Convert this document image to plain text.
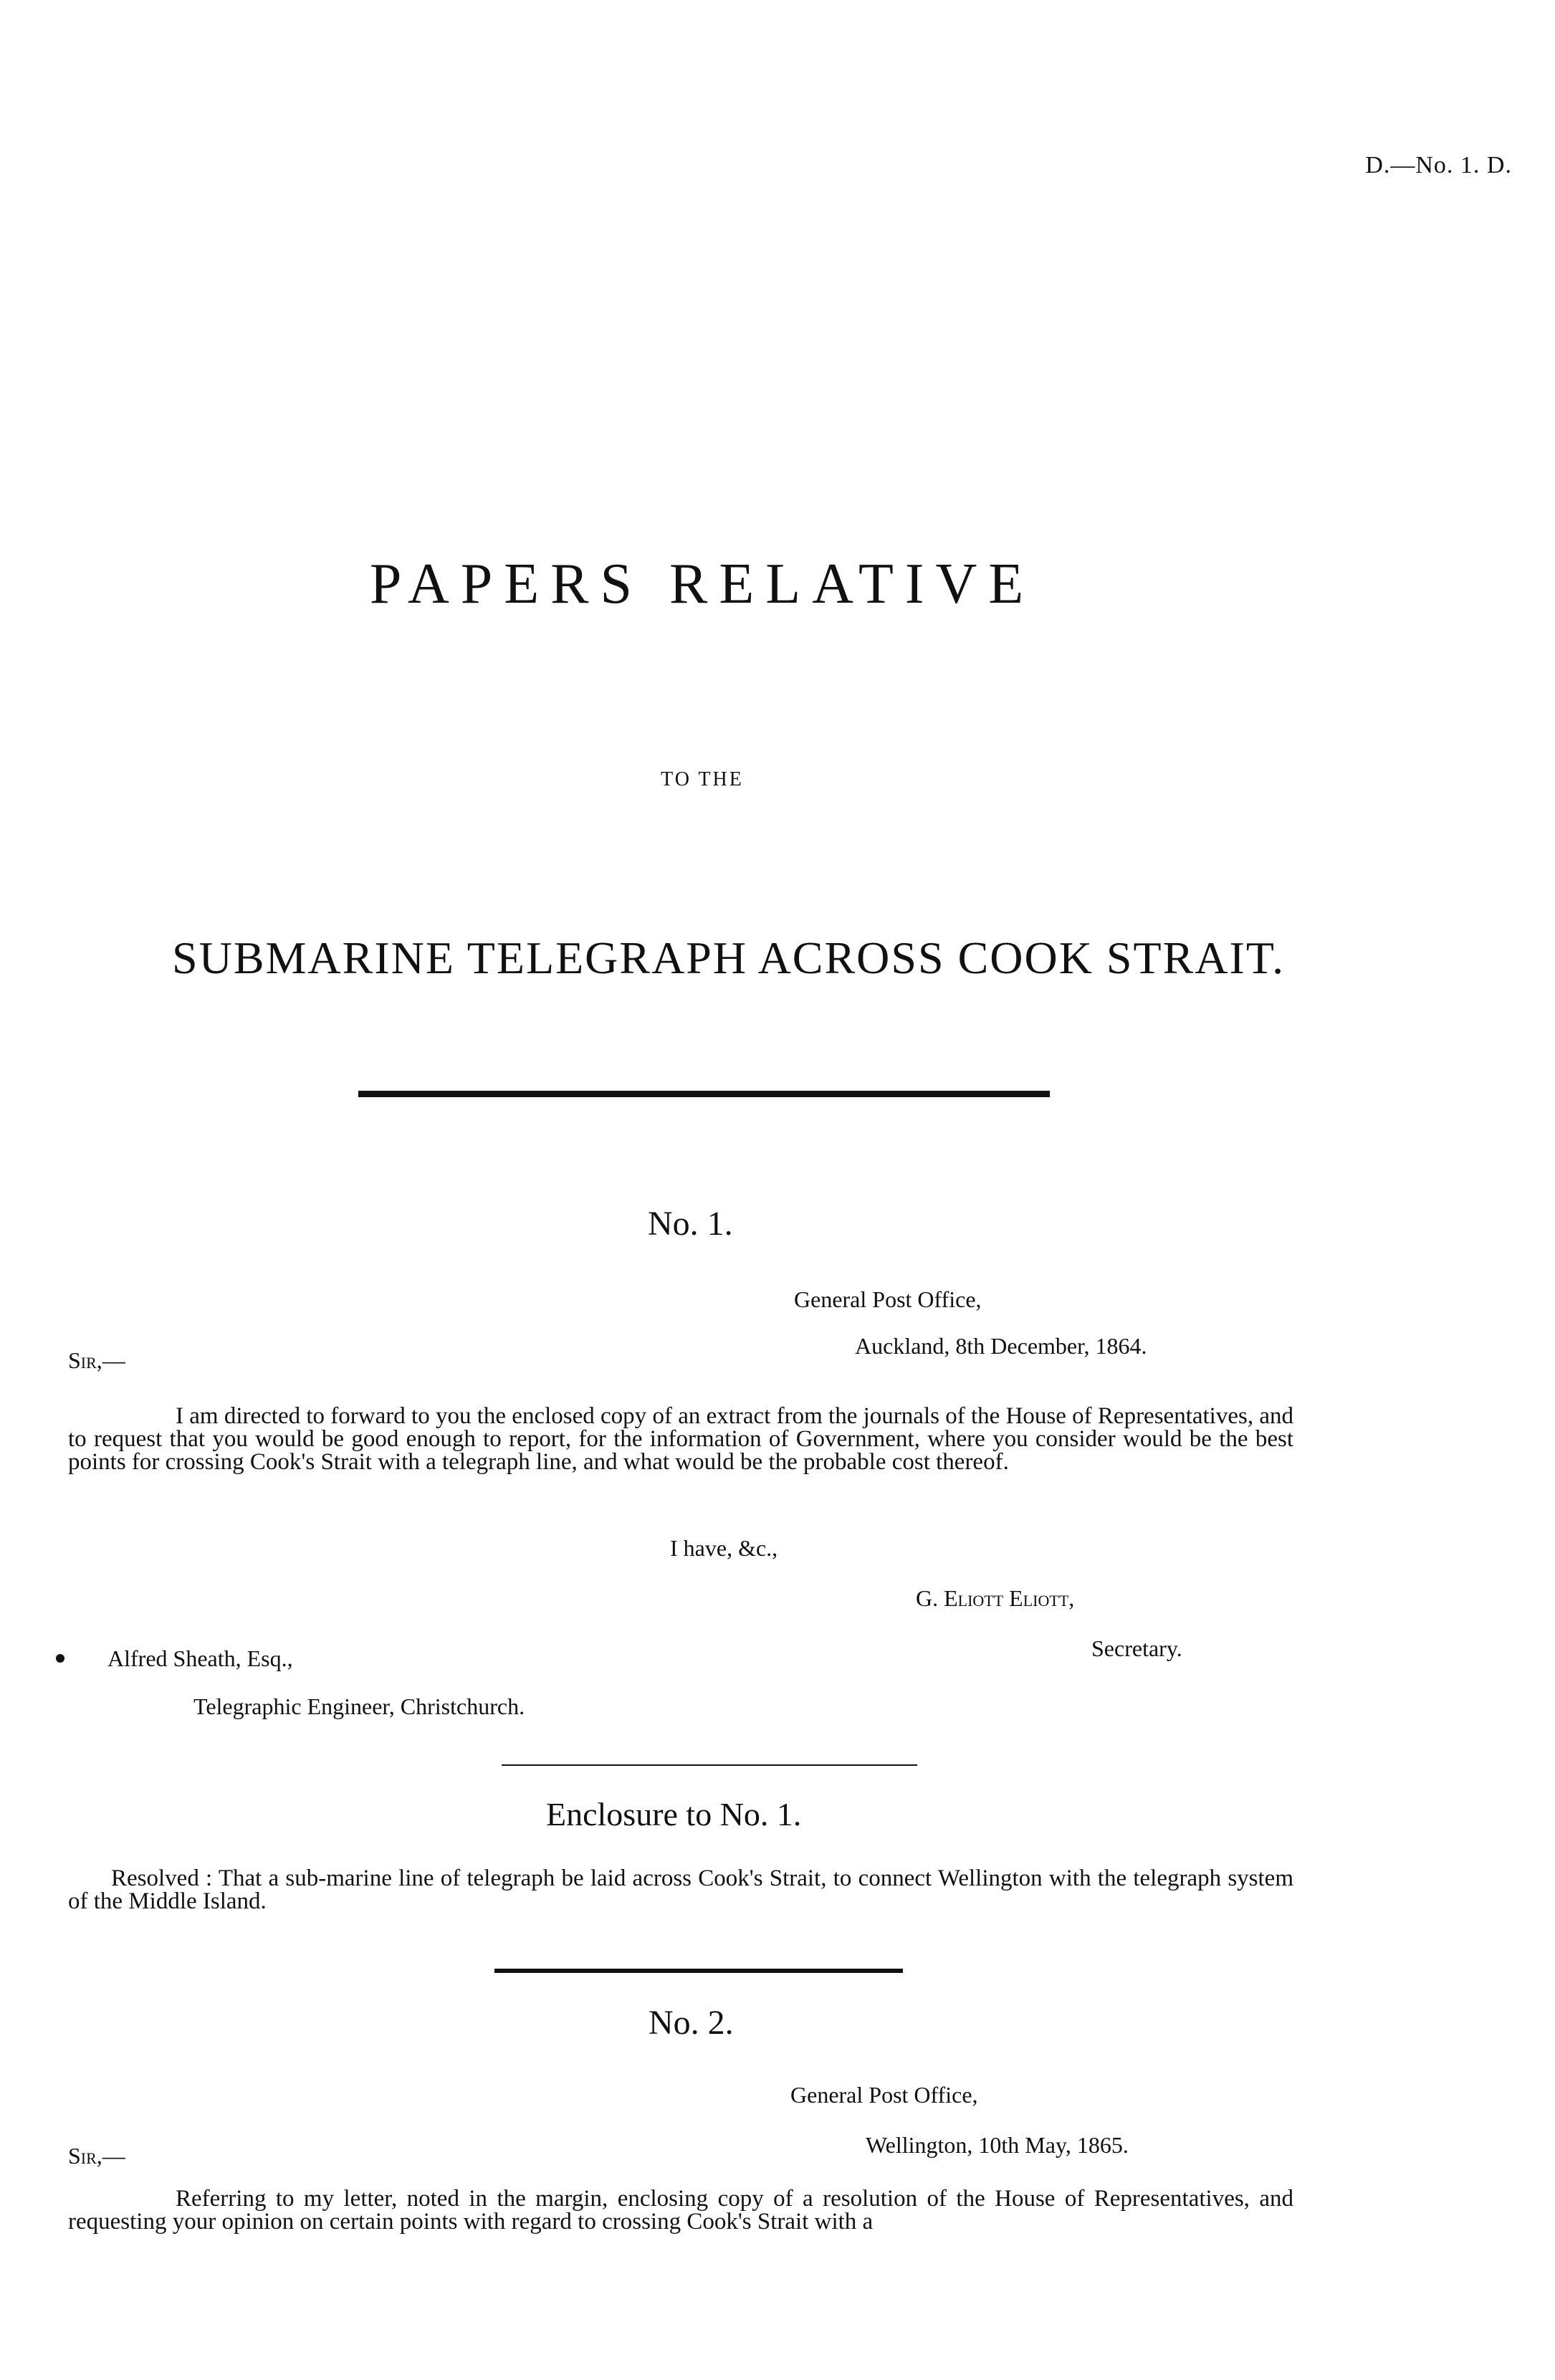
D.—No. 1. D.
PAPERS RELATIVE
TO THE
SUBMARINE TELEGRAPH ACROSS COOK STRAIT.
No. 1.
General Post Office,
Sir,—
Auckland, 8th December, 1864.
I am directed to forward to you the enclosed copy of an extract from the journals of the House of Representatives, and to request that you would be good enough to report, for the information of Government, where you consider would be the best points for crossing Cook's Strait with a telegraph line, and what would be the probable cost thereof.
I have, &c.,
G. Eliott Eliott,
Secretary.
Alfred Sheath, Esq.,
Telegraphic Engineer, Christchurch.
Enclosure to No. 1.
Resolved : That a sub-marine line of telegraph be laid across Cook's Strait, to connect Wellington with the telegraph system of the Middle Island.
No. 2.
General Post Office,
Sir,—	Wellington, 10th May, 1865.
Referring to my letter, noted in the margin, enclosing copy of a resolution of the House of Representatives, and requesting your opinion on certain points with regard to crossing Cook's Strait with a
